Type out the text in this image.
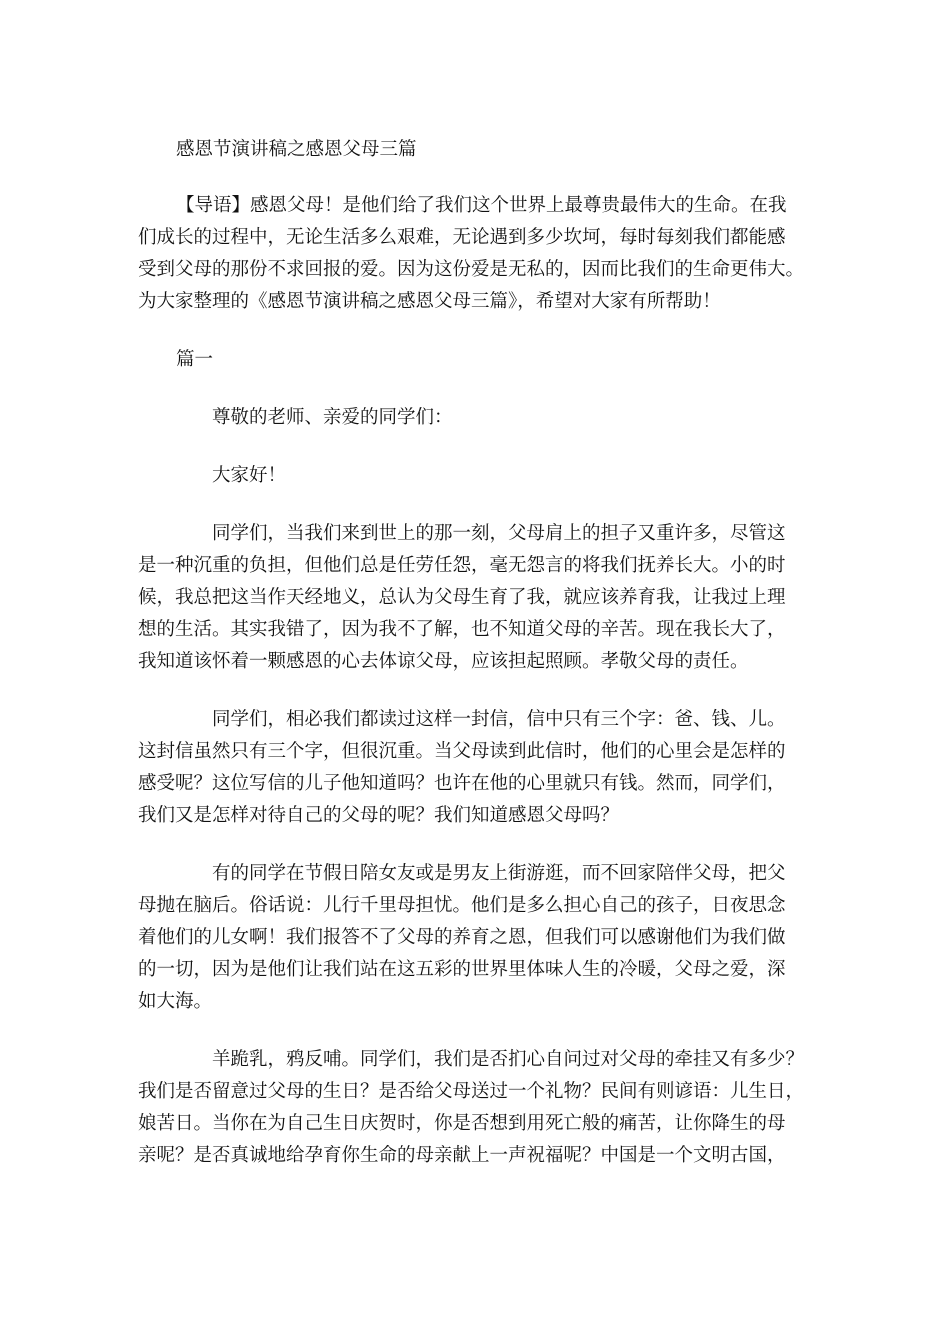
感恩节演讲稿之感恩父母三篇
【导语】感恩父母！是他们给了我们这个世界上最尊贵最伟大的生命。在我
们成长的过程中，无论生活多么艰难，无论遇到多少坎坷，每时每刻我们都能感
受到父母的那份不求回报的爱。因为这份爱是无私的，因而比我们的生命更伟大。
为大家整理的《感恩节演讲稿之感恩父母三篇》，希望对大家有所帮助！
篇一
尊敬的老师、亲爱的同学们：
大家好！
同学们，当我们来到世上的那一刻，父母肩上的担子又重许多，尽管这
是一种沉重的负担，但他们总是任劳任怨，毫无怨言的将我们抚养长大。小的时
候，我总把这当作天经地义，总认为父母生育了我，就应该养育我，让我过上理
想的生活。其实我错了，因为我不了解，也不知道父母的辛苦。现在我长大了，
我知道该怀着一颗感恩的心去体谅父母，应该担起照顾。孝敬父母的责任。
同学们，相必我们都读过这样一封信，信中只有三个字：爸、钱、儿。
这封信虽然只有三个字，但很沉重。当父母读到此信时，他们的心里会是怎样的
感受呢？这位写信的儿子他知道吗？也许在他的心里就只有钱。然而，同学们，
我们又是怎样对待自己的父母的呢？我们知道感恩父母吗？
有的同学在节假日陪女友或是男友上街游逛，而不回家陪伴父母，把父
母抛在脑后。俗话说：儿行千里母担忧。他们是多么担心自己的孩子，日夜思念
着他们的儿女啊！我们报答不了父母的养育之恩，但我们可以感谢他们为我们做
的一切，因为是他们让我们站在这五彩的世界里体味人生的冷暖，父母之爱，深
如大海。
羊跪乳，鸦反哺。同学们，我们是否扪心自问过对父母的牵挂又有多少？
我们是否留意过父母的生日？是否给父母送过一个礼物？民间有则谚语：儿生日，
娘苦日。当你在为自己生日庆贺时，你是否想到用死亡般的痛苦，让你降生的母
亲呢？是否真诚地给孕育你生命的母亲献上一声祝福呢？中国是一个文明古国，
